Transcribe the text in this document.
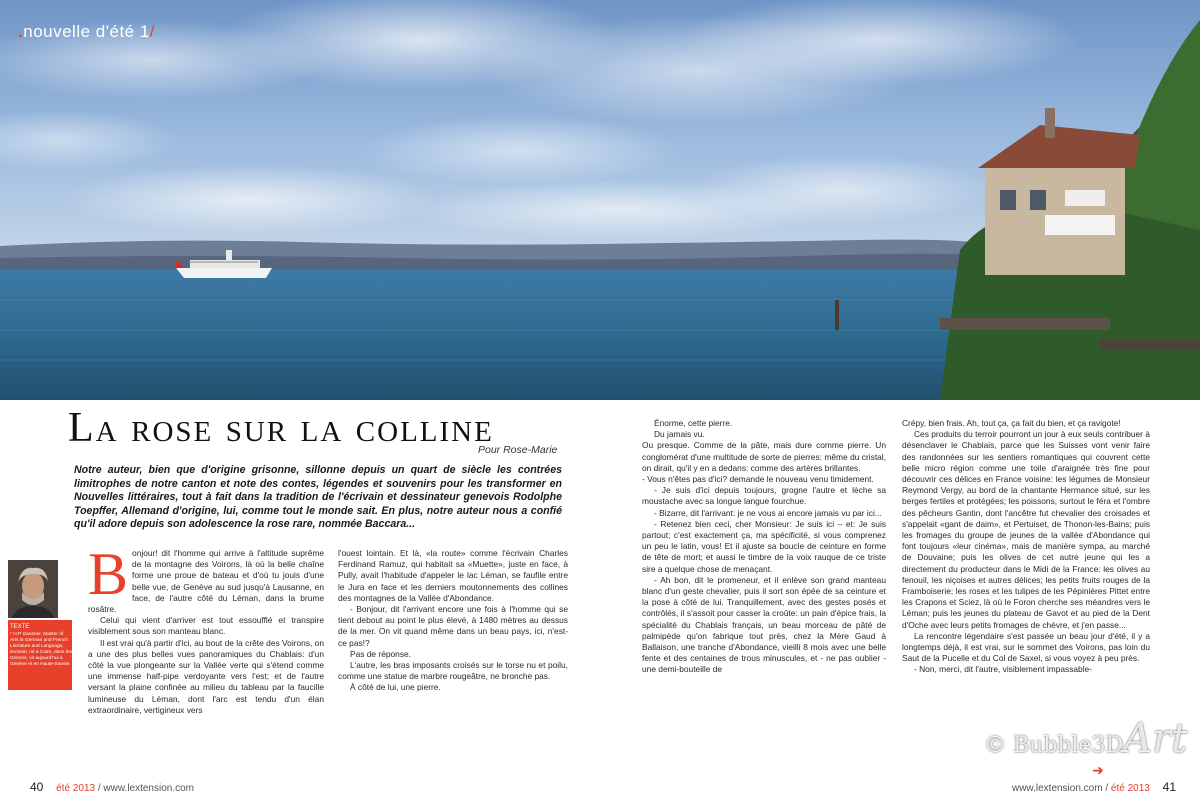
.nouvelle d'été 1/
La rose sur la colline
Pour Rose-Marie
Notre auteur, bien que d'origine grisonne, sillonne depuis un quart de siècle les contrées limitrophes de notre canton et note des contes, légendes et souvenirs pour les transformer en Nouvelles littéraires, tout à fait dans la tradition de l'écrivain et dessinateur genevois Rodolphe Toepffer, Allemand d'origine, lui, comme tout le monde sait. En plus, notre auteur nous a confié qu'il adore depuis son adolescence la rose rare, nommée Baccara...
TEXTE
* H.P Gansner, Master of Arts in German and French Literature and Language, écrivain, né à Coire, dans les Grisons, vit aujourd'hui à Genève et en Haute-Savoie.
B onjour! dit l'homme qui arrive à l'altitude suprême de la montagne des Voirons, là où la belle chaîne forme une proue de bateau et d'où tu jouis d'une belle vue, de Genève au sud jusqu'à Lausanne, en face, de l'autre côté du Léman, dans la brume rosâtre.

Celui qui vient d'arriver est tout essoufflé et transpire visiblement sous son manteau blanc.

Il est vrai qu'à partir d'ici, au bout de la crête des Voirons, on a une des plus belles vues panoramiques du Chablais: d'un côté la vue plongeante sur la Vallée verte qui s'étend comme une immense half-pipe verdoyante vers l'est; et de l'autre versant la plaine confinée au milieu du tableau par la faucille lumineuse du Léman, dont l'arc est tendu d'un élan extraordinaire, vertigineux vers

l'ouest lointain. Et là, «la route» comme l'écrivain Charles Ferdinand Ramuz, qui habitait sa «Muette», juste en face, à Pully, avait l'habitude d'appeler le lac Léman, se faufile entre le Jura en face et les derniers moutonnements des collines des montagnes de la Vallée d'Abondance.

- Bonjour, dit l'arrivant encore une fois à l'homme qui se tient debout au point le plus élevé, à 1480 mètres au dessus de la mer. On vit quand même dans un beau pays, ici, n'est-ce pas!?

Pas de réponse.

L'autre, les bras imposants croisés sur le torse nu et poilu, comme une statue de marbre rougeâtre, ne bronche pas.

À côté de lui, une pierre.

Énorme, cette pierre.

Du jamais vu.

Ou presque. Comme de la pâte, mais dure comme pierre. Un conglomérat d'une multitude de sorte de pierres: même du cristal, on dirait, qu'il y en a dedans: comme des artères brillantes.

- Vous n'êtes pas d'ici? demande le nouveau venu timidement.

- Je suis d'ici depuis toujours, grogne l'autre et lèche sa moustache avec sa longue langue fourchue.

- Bizarre, dit l'arrivant: je ne vous ai encore jamais vu par ici...

- Retenez bien ceci, cher Monsieur: Je suis ici – et: Je suis partout; c'est exactement ça, ma spécificité, si vous comprenez un peu le latin, vous! Et il ajuste sa boucle de ceinture en forme de tête de mort; et aussi le timbre de la voix rauque de ce triste sire a quelque chose de menaçant.

- Ah bon, dit le promeneur, et il enlève son grand manteau blanc d'un geste chevalier, puis il sort son épée de sa ceinture et la pose à côté de lui. Tranquillement, avec des gestes posés et contrôlés, il s'assoit pour casser la croûte: un pain d'épice frais, la spécialité du Chablais français, un beau morceau de pâté de palmipède qu'on fabrique tout près, chez la Mère Gaud à Ballaison, une tranche d'Abondance, vieilli 8 mois avec une belle fente et des centaines de trous minuscules, et - ne pas oublier - une demi-bouteille de

Crépy, bien frais. Ah, tout ça, ça fait du bien, et ça ravigote!

Ces produits du terroir pourront un jour à eux seuls contribuer à désenclaver le Chablais, parce que les Suisses vont venir faire des randonnées sur les sentiers romantiques qui couvrent cette belle micro région comme une toile d'araignée très fine pour découvrir ces délices en France voisine: les légumes de Monsieur Reymond Vergy, au bord de la chantante Hermance situé, sur les berges fertiles et protégées; les poissons, surtout le féra et l'ombre des pêcheurs Gantin, dont l'ancêtre fut chevalier des croisades et s'appelait «gant de daim», et Pertuiset, de Thonon-les-Bains; puis les fromages du groupe de jeunes de la vallée d'Abondance qui font toujours «leur cinéma», mais de manière sympa, au marché de Douvaine; puis les olives de cet autre jeune qui les a directement du producteur dans le Midi de la France: les olives au fenouil, les niçoises et autres délices; les petits fruits rouges de la Framboiserie; les roses et les tulipes de les Pépinières Pittet entre les Crapons et Sciez, là où le Foron cherche ses méandres vers le Léman; puis les jeunes du plateau de Gavot et au pied de la Dent d'Oche avec leurs petits fromages de chèvre, et j'en passe...

La rencontre légendaire s'est passée un beau jour d'été, il y a longtemps déjà, il est vrai, sur le sommet des Voirons, pas loin du Saut de la Pucelle et du Col de Saxel, si vous voyez à peu près.

- Non, merci, dit l'autre, visiblement impassable-

© Bubble3DArt
➜
40 été 2013 / www.lextension.com	www.lextension.com / été 2013 41
